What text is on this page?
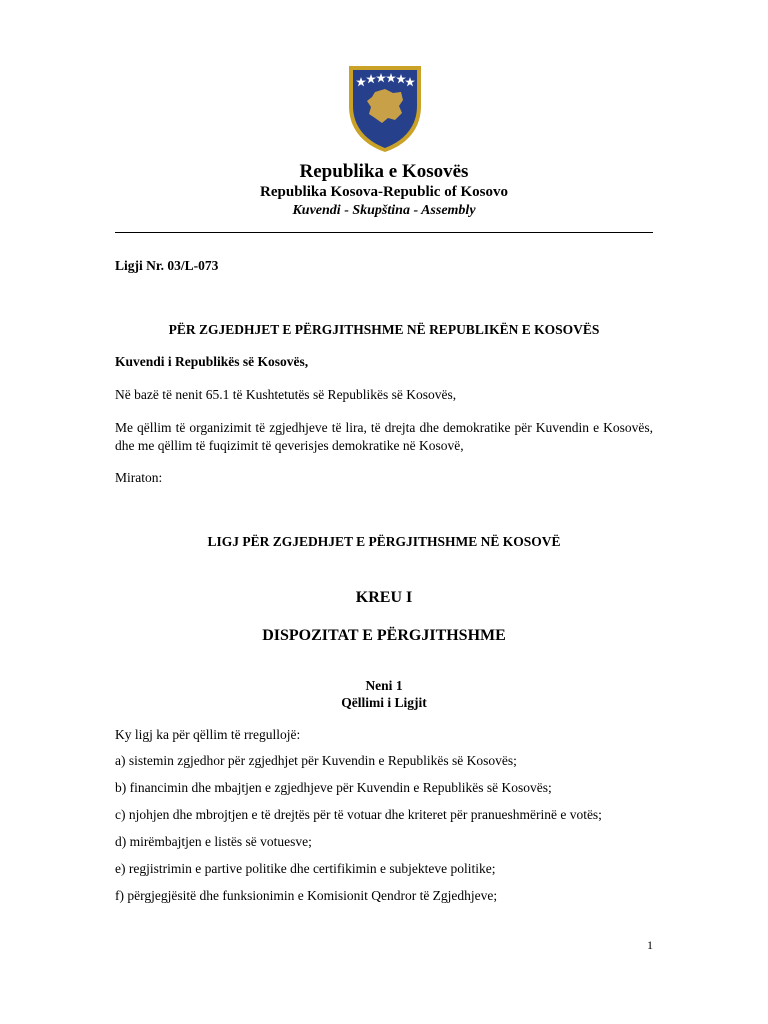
Republika e Kosovës
Republika Kosova-Republic of Kosovo
Kuvendi - Skupština - Assembly
Ligji Nr. 03/L-073
PËR ZGJEDHJET E PËRGJITHSHME NË REPUBLIKËN E KOSOVËS
Kuvendi i Republikës së Kosovës,
Në bazë të nenit 65.1 të Kushtetutës së Republikës së Kosovës,
Me qëllim të organizimit të zgjedhjeve të lira, të drejta dhe demokratike për Kuvendin e Kosovës, dhe me qëllim të fuqizimit të qeverisjes demokratike në Kosovë,
Miraton:
LIGJ PËR ZGJEDHJET E PËRGJITHSHME NË KOSOVË
KREU I
DISPOZITAT E PËRGJITHSHME
Neni 1
Qëllimi i Ligjit
Ky ligj ka për qëllim të rregullojë:
a) sistemin zgjedhor për zgjedhjet për Kuvendin e Republikës së Kosovës;
b) financimin dhe mbajtjen e zgjedhjeve për Kuvendin e Republikës së Kosovës;
c) njohjen dhe mbrojtjen e të drejtës për të votuar dhe kriteret për pranueshmërinë e votës;
d) mirëmbajtjen e listës së votuesve;
e) regjistrimin e partive politike dhe certifikimin e subjekteve politike;
f) përgjegjësitë dhe funksionimin e Komisionit Qendror të Zgjedhjeve;
1
